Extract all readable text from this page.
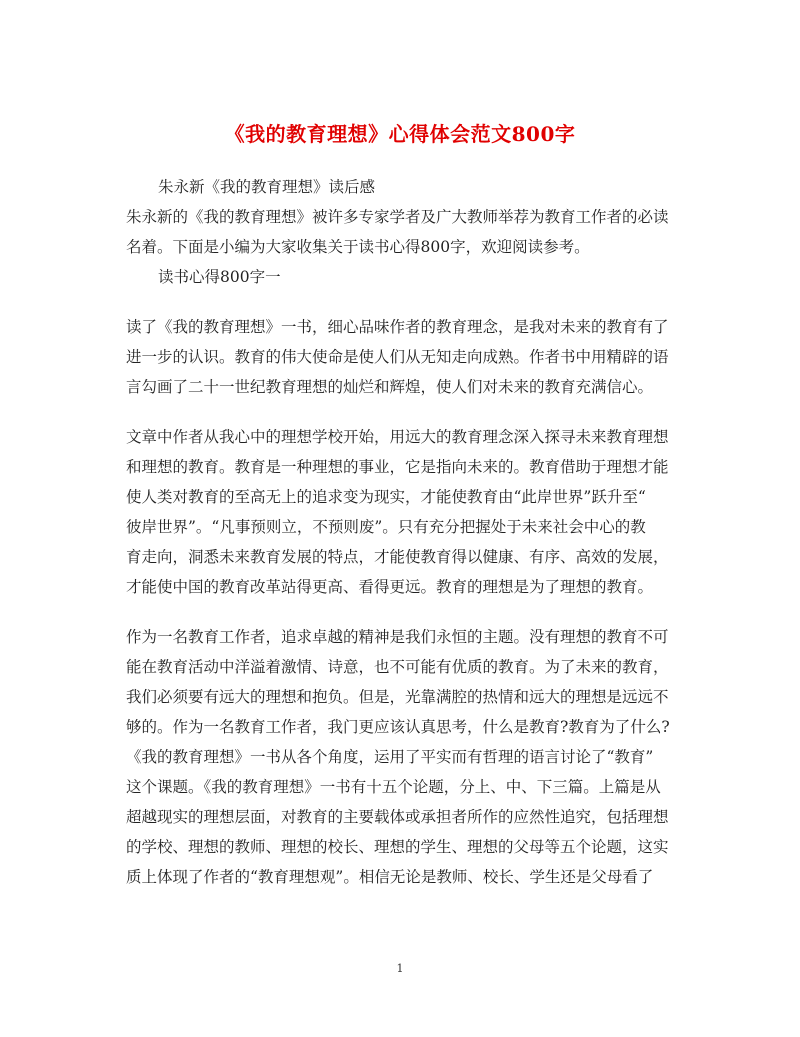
《我的教育理想》心得体会范文800字
朱永新《我的教育理想》读后感
朱永新的《我的教育理想》被许多专家学者及广大教师举荐为教育工作者的必读
名着。下面是小编为大家收集关于读书心得800字，欢迎阅读参考。
读书心得800字一
读了《我的教育理想》一书，细心品味作者的教育理念，是我对未来的教育有了
进一步的认识。教育的伟大使命是使人们从无知走向成熟。作者书中用精辟的语
言勾画了二十一世纪教育理想的灿烂和辉煌，使人们对未来的教育充满信心。
文章中作者从我心中的理想学校开始，用远大的教育理念深入探寻未来教育理想
和理想的教育。教育是一种理想的事业，它是指向未来的。教育借助于理想才能
使人类对教育的至高无上的追求变为现实，才能使教育由“此岸世界”跃升至“
彼岸世界”。“凡事预则立，不预则废”。只有充分把握处于未来社会中心的教
育走向，洞悉未来教育发展的特点，才能使教育得以健康、有序、高效的发展，
才能使中国的教育改革站得更高、看得更远。教育的理想是为了理想的教育。
作为一名教育工作者，追求卓越的精神是我们永恒的主题。没有理想的教育不可
能在教育活动中洋溢着激情、诗意，也不可能有优质的教育。为了未来的教育，
我们必须要有远大的理想和抱负。但是，光靠满腔的热情和远大的理想是远远不
够的。作为一名教育工作者，我门更应该认真思考，什么是教育?教育为了什么?
《我的教育理想》一书从各个角度，运用了平实而有哲理的语言讨论了“教育”
这个课题。《我的教育理想》一书有十五个论题，分上、中、下三篇。上篇是从
超越现实的理想层面，对教育的主要载体或承担者所作的应然性追究，包括理想
的学校、理想的教师、理想的校长、理想的学生、理想的父母等五个论题，这实
质上体现了作者的“教育理想观”。相信无论是教师、校长、学生还是父母看了
1
